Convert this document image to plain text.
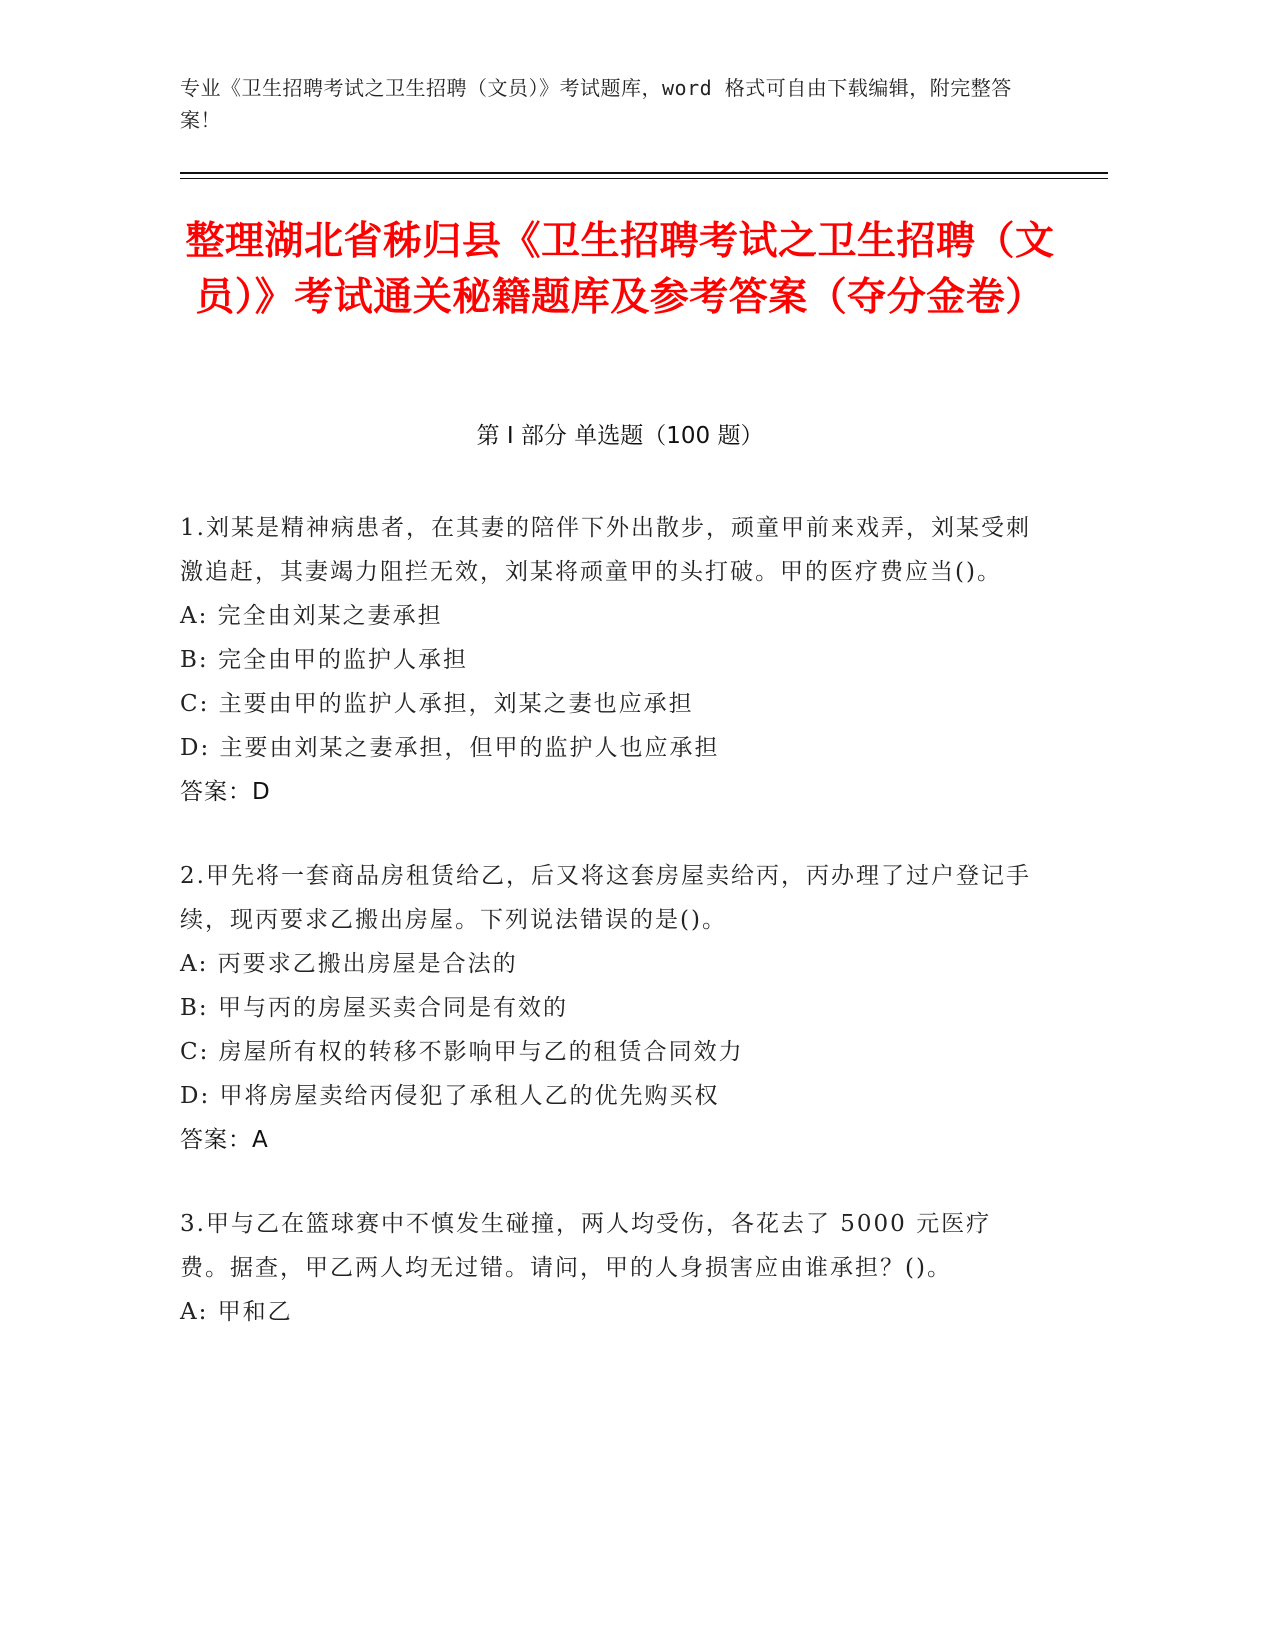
专业《卫生招聘考试之卫生招聘（文员）》考试题库，word 格式可自由下载编辑，附完整答案！
整理湖北省秭归县《卫生招聘考试之卫生招聘（文员）》考试通关秘籍题库及参考答案（夺分金卷）
第 I 部分 单选题（100 题）
1.刘某是精神病患者，在其妻的陪伴下外出散步，顽童甲前来戏弄，刘某受刺激追赶，其妻竭力阻拦无效，刘某将顽童甲的头打破。甲的医疗费应当()。
A: 完全由刘某之妻承担
B: 完全由甲的监护人承担
C: 主要由甲的监护人承担，刘某之妻也应承担
D: 主要由刘某之妻承担，但甲的监护人也应承担
答案：D
2.甲先将一套商品房租赁给乙，后又将这套房屋卖给丙，丙办理了过户登记手续，现丙要求乙搬出房屋。下列说法错误的是()。
A: 丙要求乙搬出房屋是合法的
B: 甲与丙的房屋买卖合同是有效的
C: 房屋所有权的转移不影响甲与乙的租赁合同效力
D: 甲将房屋卖给丙侵犯了承租人乙的优先购买权
答案：A
3.甲与乙在篮球赛中不慎发生碰撞，两人均受伤，各花去了 5000 元医疗费。据查，甲乙两人均无过错。请问，甲的人身损害应由谁承担？()。
A: 甲和乙
